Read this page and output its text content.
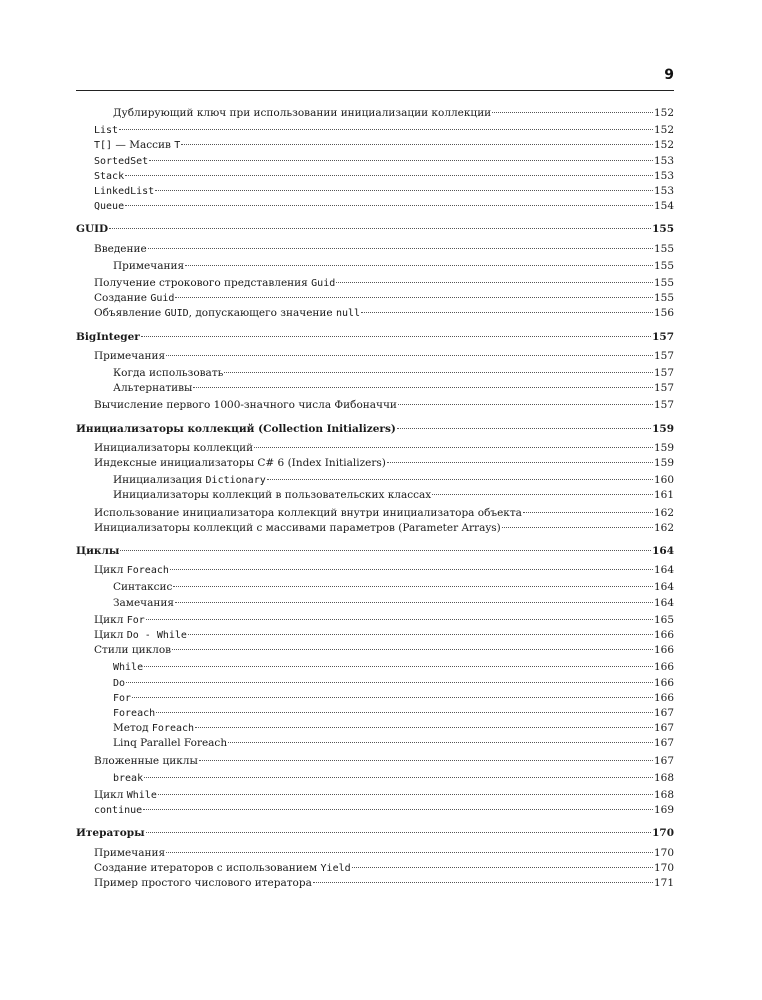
9
Дублирующий ключ при использовании инициализации коллекции	152
List	152
T[] — Массив T	152
SortedSet	153
Stack	153
LinkedList	153
Queue	154
GUID	155
Введение	155
Примечания	155
Получение строкового представления Guid	155
Создание Guid	155
Объявление GUID, допускающего значение null	156
BigInteger	157
Примечания	157
Когда использовать	157
Альтернативы	157
Вычисление первого 1000-значного числа Фибоначчи	157
Инициализаторы коллекций (Collection Initializers)	159
Инициализаторы коллекций	159
Индексные инициализаторы C# 6 (Index Initializers)	159
Инициализация Dictionary	160
Инициализаторы коллекций в пользовательских классах	161
Использование инициализатора коллекций внутри инициализатора объекта	162
Инициализаторы коллекций с массивами параметров (Parameter Arrays)	162
Циклы	164
Цикл Foreach	164
Синтаксис	164
Замечания	164
Цикл For	165
Цикл Do - While	166
Стили циклов	166
While	166
Do	166
For	166
Foreach	167
Метод Foreach	167
Linq Parallel Foreach	167
Вложенные циклы	167
break	168
Цикл While	168
continue	169
Итераторы	170
Примечания	170
Создание итераторов с использованием Yield	170
Пример простого числового итератора	171
